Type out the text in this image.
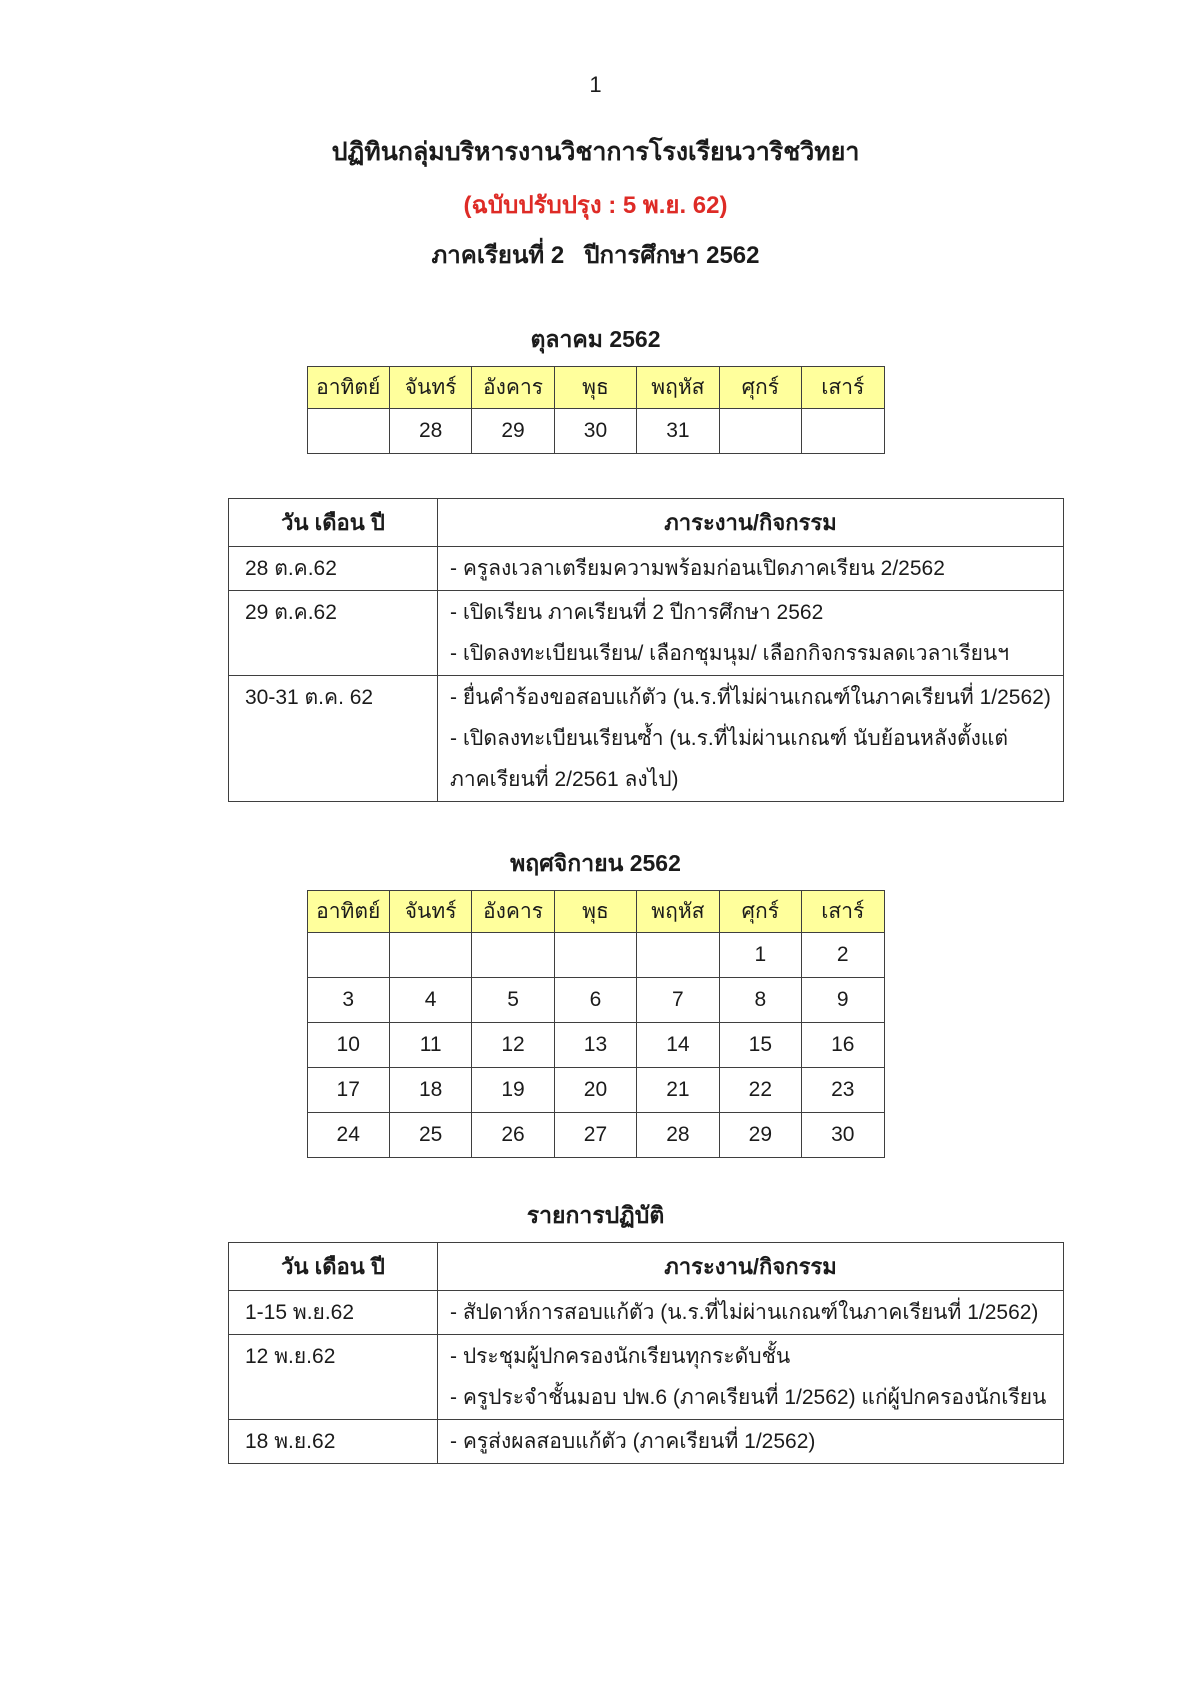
1
ปฏิทินกลุ่มบริหารงานวิชาการโรงเรียนวาริชวิทยา
(ฉบับปรับปรุง : 5 พ.ย. 62)
ภาคเรียนที่ 2   ปีการศึกษา 2562
ตุลาคม 2562
อาทิตย์	จันทร์	อังคาร	พุธ	พฤหัส	ศุกร์	เสาร์
	28	29	30	31		
วัน เดือน ปี	ภาระงาน/กิจกรรม
28 ต.ค.62	- ครูลงเวลาเตรียมความพร้อมก่อนเปิดภาคเรียน 2/2562

29 ต.ค.62	- เปิดเรียน ภาคเรียนที่ 2 ปีการศึกษา 2562
- เปิดลงทะเบียนเรียน/ เลือกชุมนุม/ เลือกกิจกรรมลดเวลาเรียนฯ

30-31 ต.ค. 62	- ยื่นคำร้องขอสอบแก้ตัว (น.ร.ที่ไม่ผ่านเกณฑ์ในภาคเรียนที่ 1/2562)
- เปิดลงทะเบียนเรียนซ้ำ (น.ร.ที่ไม่ผ่านเกณฑ์ นับย้อนหลังตั้งแต่
ภาคเรียนที่ 2/2561 ลงไป)
พฤศจิกายน 2562
อาทิตย์	จันทร์	อังคาร	พุธ	พฤหัส	ศุกร์	เสาร์
					1	2
3	4	5	6	7	8	9
10	11	12	13	14	15	16
17	18	19	20	21	22	23
24	25	26	27	28	29	30
รายการปฏิบัติ
วัน เดือน ปี	ภาระงาน/กิจกรรม
1-15 พ.ย.62	- สัปดาห์การสอบแก้ตัว (น.ร.ที่ไม่ผ่านเกณฑ์ในภาคเรียนที่ 1/2562)

12 พ.ย.62	- ประชุมผู้ปกครองนักเรียนทุกระดับชั้น
- ครูประจำชั้นมอบ ปพ.6 (ภาคเรียนที่ 1/2562) แก่ผู้ปกครองนักเรียน

18 พ.ย.62	- ครูส่งผลสอบแก้ตัว (ภาคเรียนที่ 1/2562)
